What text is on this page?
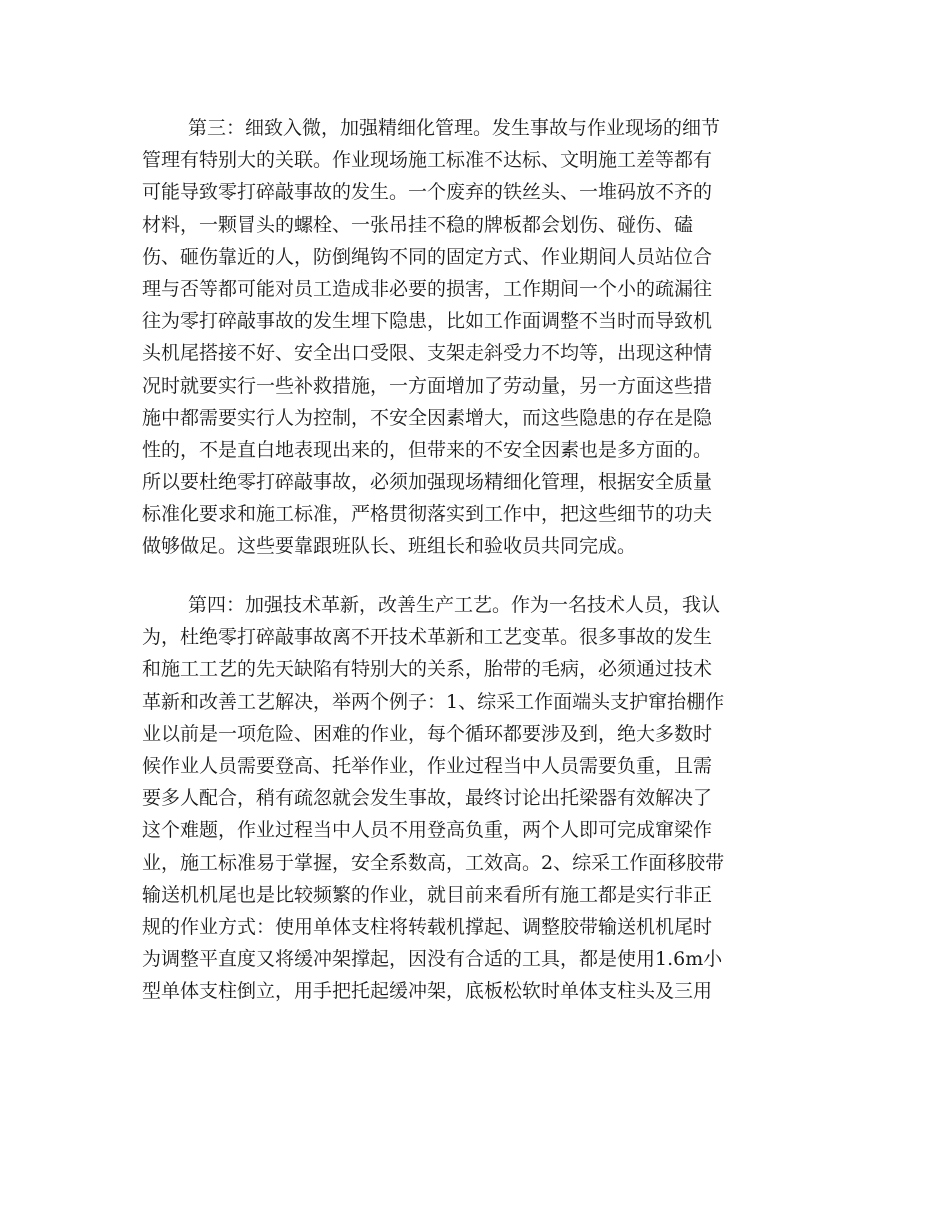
第三：细致入微，加强精细化管理。发生事故与作业现场的细节
管理有特别大的关联。作业现场施工标准不达标、文明施工差等都有
可能导致零打碎敲事故的发生。一个废弃的铁丝头、一堆码放不齐的
材料，一颗冒头的螺栓、一张吊挂不稳的牌板都会划伤、碰伤、磕
伤、砸伤靠近的人，防倒绳钩不同的固定方式、作业期间人员站位合
理与否等都可能对员工造成非必要的损害，工作期间一个小的疏漏往
往为零打碎敲事故的发生埋下隐患，比如工作面调整不当时而导致机
头机尾搭接不好、安全出口受限、支架走斜受力不均等，出现这种情
况时就要实行一些补救措施，一方面增加了劳动量，另一方面这些措
施中都需要实行人为控制，不安全因素增大，而这些隐患的存在是隐
性的，不是直白地表现出来的，但带来的不安全因素也是多方面的。
所以要杜绝零打碎敲事故，必须加强现场精细化管理，根据安全质量
标准化要求和施工标准，严格贯彻落实到工作中，把这些细节的功夫
做够做足。这些要靠跟班队长、班组长和验收员共同完成。
第四：加强技术革新，改善生产工艺。作为一名技术人员，我认
为，杜绝零打碎敲事故离不开技术革新和工艺变革。很多事故的发生
和施工工艺的先天缺陷有特别大的关系，胎带的毛病，必须通过技术
革新和改善工艺解决，举两个例子：1、综采工作面端头支护窜抬棚作
业以前是一项危险、困难的作业，每个循环都要涉及到，绝大多数时
候作业人员需要登高、托举作业，作业过程当中人员需要负重，且需
要多人配合，稍有疏忽就会发生事故，最终讨论出托梁器有效解决了
这个难题，作业过程当中人员不用登高负重，两个人即可完成窜梁作
业，施工标准易于掌握，安全系数高，工效高。2、综采工作面移胶带
输送机机尾也是比较频繁的作业，就目前来看所有施工都是实行非正
规的作业方式：使用单体支柱将转载机撑起、调整胶带输送机机尾时
为调整平直度又将缓冲架撑起，因没有合适的工具，都是使用1.6m小
型单体支柱倒立，用手把托起缓冲架，底板松软时单体支柱头及三用
